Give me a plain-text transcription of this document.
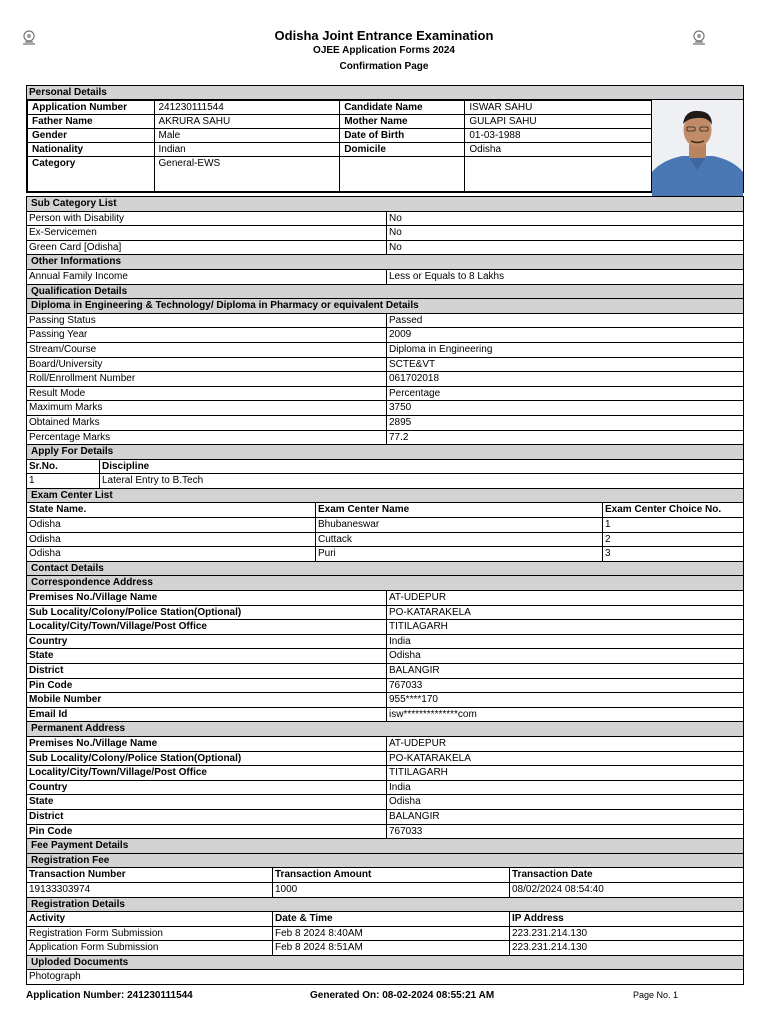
Odisha Joint Entrance Examination
OJEE Application Forms 2024
Confirmation Page
Personal Details
Application Number	241230111544	Candidate Name	ISWAR SAHU
Father Name	AKRURA SAHU	Mother Name	GULAPI SAHU
Gender	Male	Date of Birth	01-03-1988
Nationality	Indian	Domicile	Odisha
Category	General-EWS		
Sub Category List
Person with Disability	No
Ex-Servicemen	No
Green Card [Odisha]	No
Other Informations
Annual Family Income	Less or Equals to 8 Lakhs
Qualification Details
Diploma in Engineering & Technology/ Diploma in Pharmacy or equivalent Details
Passing Status	Passed
Passing Year	2009
Stream/Course	Diploma in Engineering
Board/University	SCTE&VT
Roll/Enrollment Number	061702018
Result Mode	Percentage
Maximum Marks	3750
Obtained Marks	2895
Percentage Marks	77.2
Apply For Details
Sr.No.	Discipline
1	Lateral Entry to B.Tech
Exam Center List
State Name.	Exam Center Name	Exam Center Choice No.
Odisha	Bhubaneswar	1
Odisha	Cuttack	2
Odisha	Puri	3
Contact Details
Correspondence Address
Premises No./Village Name	AT-UDEPUR
Sub Locality/Colony/Police Station(Optional)	PO-KATARAKELA
Locality/City/Town/Village/Post Office	TITILAGARH
Country	India
State	Odisha
District	BALANGIR
Pin Code	767033
Mobile Number	955****170
Email Id	isw**************com
Permanent Address
Premises No./Village Name	AT-UDEPUR
Sub Locality/Colony/Police Station(Optional)	PO-KATARAKELA
Locality/City/Town/Village/Post Office	TITILAGARH
Country	India
State	Odisha
District	BALANGIR
Pin Code	767033
Fee Payment Details
Registration Fee
Transaction Number	Transaction Amount	Transaction Date
19133303974	1000	08/02/2024 08:54:40
Registration Details
Activity	Date & Time	IP Address
Registration Form Submission	Feb 8 2024 8:40AM	223.231.214.130
Application Form Submission	Feb 8 2024 8:51AM	223.231.214.130
Uploded Documents
Photograph
Application Number: 241230111544	Generated On: 08-02-2024 08:55:21 AM	Page No. 1
